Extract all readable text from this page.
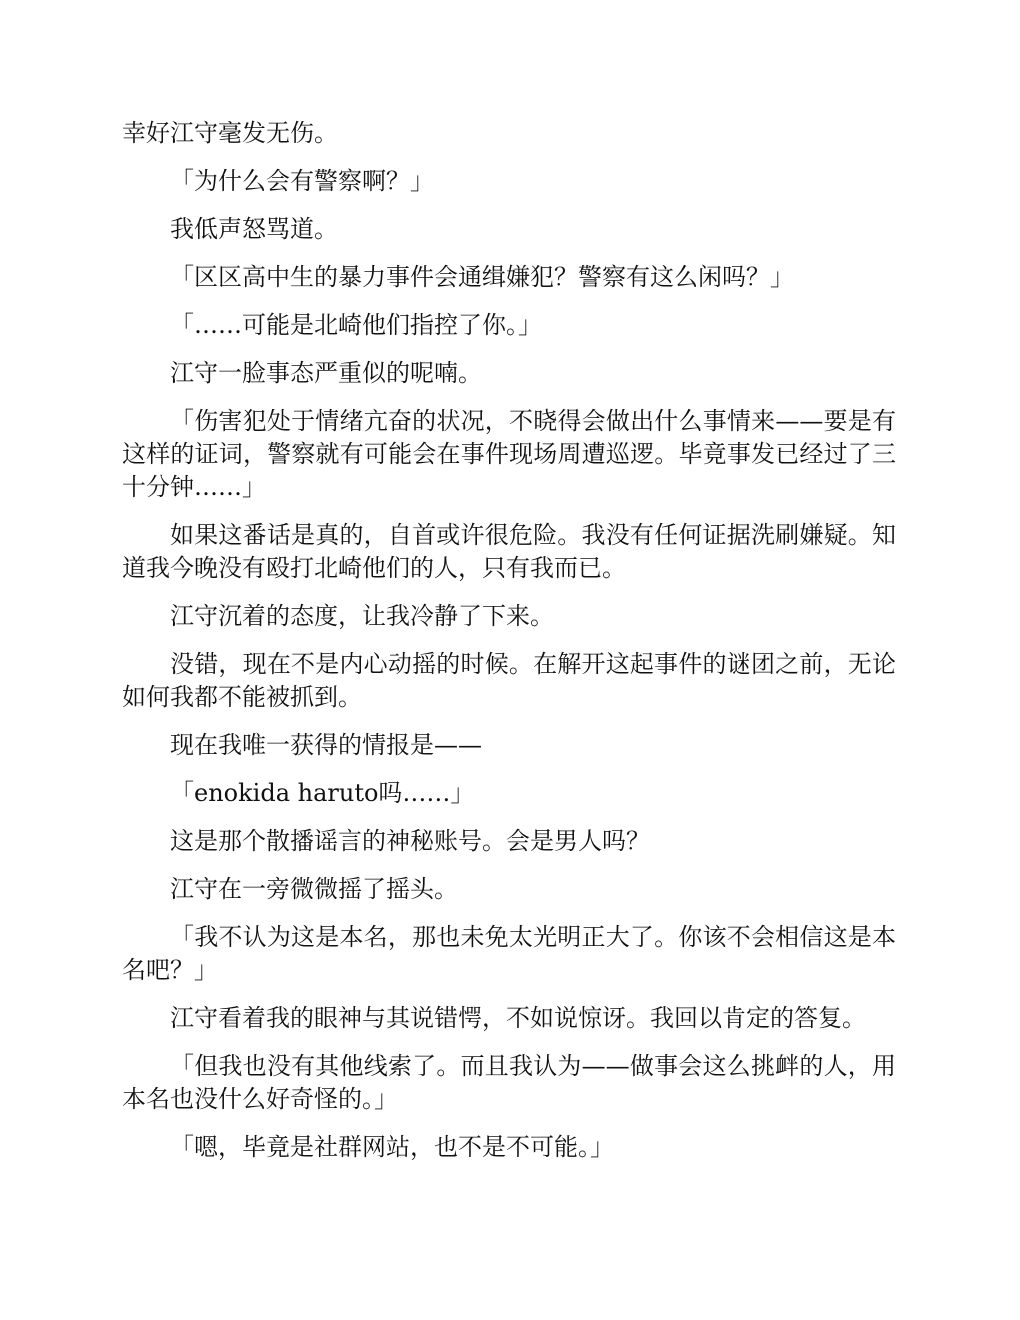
幸好江守毫发无伤。

「为什么会有警察啊？」

我低声怒骂道。

「区区高中生的暴力事件会通缉嫌犯？警察有这么闲吗？」

「……可能是北崎他们指控了你。」

江守一脸事态严重似的呢喃。

「伤害犯处于情绪亢奋的状况，不晓得会做出什么事情来——要是有这样的证词，警察就有可能会在事件现场周遭巡逻。毕竟事发已经过了三十分钟……」

如果这番话是真的，自首或许很危险。我没有任何证据洗刷嫌疑。知道我今晚没有殴打北崎他们的人，只有我而已。

江守沉着的态度，让我冷静了下来。

没错，现在不是内心动摇的时候。在解开这起事件的谜团之前，无论如何我都不能被抓到。

现在我唯一获得的情报是——

「enokida haruto吗……」

这是那个散播谣言的神秘账号。会是男人吗？

江守在一旁微微摇了摇头。

「我不认为这是本名，那也未免太光明正大了。你该不会相信这是本名吧？」

江守看着我的眼神与其说错愕，不如说惊讶。我回以肯定的答复。

「但我也没有其他线索了。而且我认为——做事会这么挑衅的人，用本名也没什么好奇怪的。」

「嗯，毕竟是社群网站，也不是不可能。」
